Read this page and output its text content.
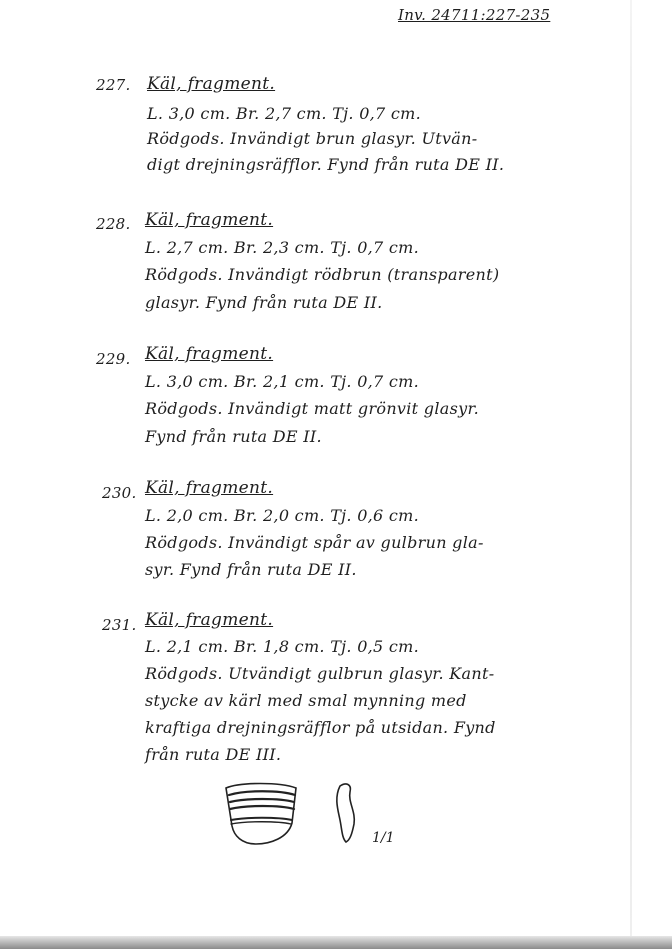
Inv. 24711:227-235
227. Käl, fragment.
L. 3,0 cm. Br. 2,7 cm. Tj. 0,7 cm.
Rödgods. Invändigt brun glasyr. Utvän-
digt drejningsräfflor. Fynd från ruta DE II.
228. Käl, fragment.
L. 2,7 cm. Br. 2,3 cm. Tj. 0,7 cm.
Rödgods. Invändigt rödbrun (transparent)
glasyr. Fynd från ruta DE II.
229. Käl, fragment.
L. 3,0 cm. Br. 2,1 cm. Tj. 0,7 cm.
Rödgods. Invändigt matt grönvit glasyr.
Fynd från ruta DE II.
230. Käl, fragment.
L. 2,0 cm. Br. 2,0 cm. Tj. 0,6 cm.
Rödgods. Invändigt spår av gulbrun gla-
syr. Fynd från ruta DE II.
231. Käl, fragment.
L. 2,1 cm. Br. 1,8 cm. Tj. 0,5 cm.
Rödgods. Utvändigt gulbrun glasyr. Kant-
stycke av kärl med smal mynning med
kraftiga drejningsräfflor på utsidan. Fynd
från ruta DE III.
1/1
